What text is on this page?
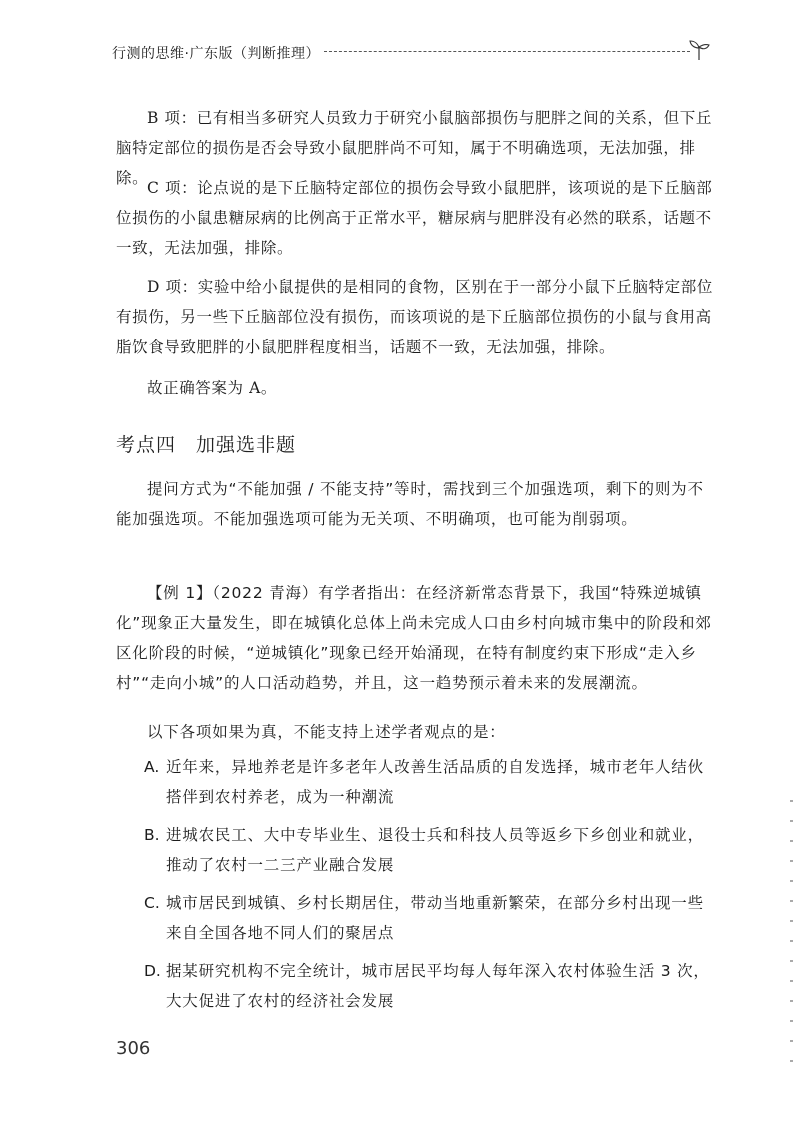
行测的思维·广东版（判断推理）

B 项：已有相当多研究人员致力于研究小鼠脑部损伤与肥胖之间的关系，但下丘脑特定部位的损伤是否会导致小鼠肥胖尚不可知，属于不明确选项，无法加强，排除。

C 项：论点说的是下丘脑特定部位的损伤会导致小鼠肥胖，该项说的是下丘脑部位损伤的小鼠患糖尿病的比例高于正常水平，糖尿病与肥胖没有必然的联系，话题不一致，无法加强，排除。

D 项：实验中给小鼠提供的是相同的食物，区别在于一部分小鼠下丘脑特定部位有损伤，另一些下丘脑部位没有损伤，而该项说的是下丘脑部位损伤的小鼠与食用高脂饮食导致肥胖的小鼠肥胖程度相当，话题不一致，无法加强，排除。

故正确答案为 A。

考点四　加强选非题

提问方式为“不能加强 / 不能支持”等时，需找到三个加强选项，剩下的则为不能加强选项。不能加强选项可能为无关项、不明确项，也可能为削弱项。

【例 1】（2022 青海）有学者指出：在经济新常态背景下，我国“特殊逆城镇化”现象正大量发生，即在城镇化总体上尚未完成人口由乡村向城市集中的阶段和郊区化阶段的时候，“逆城镇化”现象已经开始涌现，在特有制度约束下形成“走入乡村”“走向小城”的人口活动趋势，并且，这一趋势预示着未来的发展潮流。

以下各项如果为真，不能支持上述学者观点的是：

A. 近年来，异地养老是许多老年人改善生活品质的自发选择，城市老年人结伙搭伴到农村养老，成为一种潮流
B. 进城农民工、大中专毕业生、退役士兵和科技人员等返乡下乡创业和就业，推动了农村一二三产业融合发展
C. 城市居民到城镇、乡村长期居住，带动当地重新繁荣，在部分乡村出现一些来自全国各地不同人们的聚居点
D. 据某研究机构不完全统计，城市居民平均每人每年深入农村体验生活 3 次，大大促进了农村的经济社会发展
306
